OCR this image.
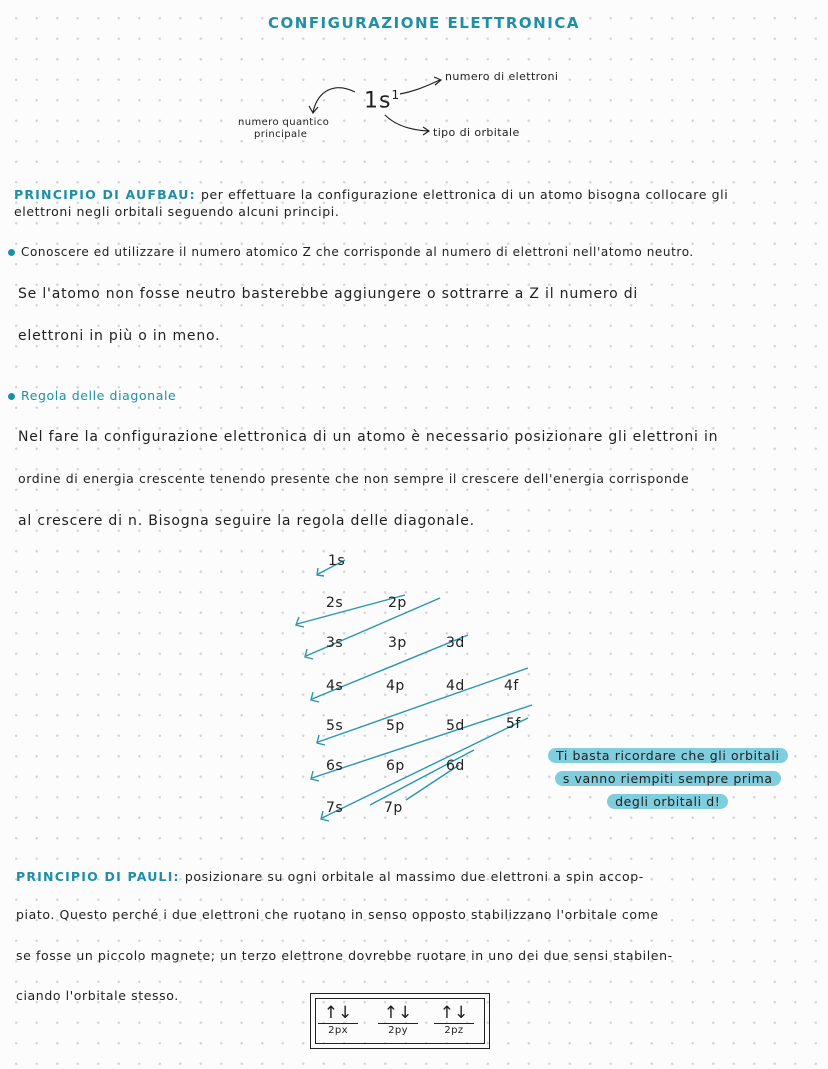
CONFIGURAZIONE ELETTRONICA
$1s^1$
numero di elettroni
numero quantico
principale	tipo di orbitale
PRINCIPIO DI AUFBAU: per effettuare la configurazione elettronica di un atomo bisogna collocare gli
elettroni negli orbitali seguendo alcuni principi.
Conoscere ed utilizzare il numero atomico Z che corrisponde al numero di elettroni nell'atomo neutro.
Se l'atomo non fosse neutro basterebbe aggiungere o sottrarre a Z il numero di
elettroni in più o in meno.
Regola delle diagonale
Nel fare la configurazione elettronica di un atomo è necessario posizionare gli elettroni in
ordine di energia crescente tenendo presente che non sempre il crescere dell'energia corrisponde
al crescere di n. Bisogna seguire la regola delle diagonale.
1s
2s	2p
3s	3p	3d
4s	4p	4d	4f
5s	5p	5d	5f
6s	6p	6d
7s	7p
Ti basta ricordare che gli orbitali
s vanno riempiti sempre prima
degli orbitali d!
PRINCIPIO DI PAULI: posizionare su ogni orbitale al massimo due elettroni a spin accop-
piato. Questo perché i due elettroni che ruotano in senso opposto stabilizzano l'orbitale come
se fosse un piccolo magnete; un terzo elettrone dovrebbe ruotare in uno dei due sensi stabilen-
ciando l'orbitale stesso.
↑↓
2px
↑↓
2py
↑↓
2pz
